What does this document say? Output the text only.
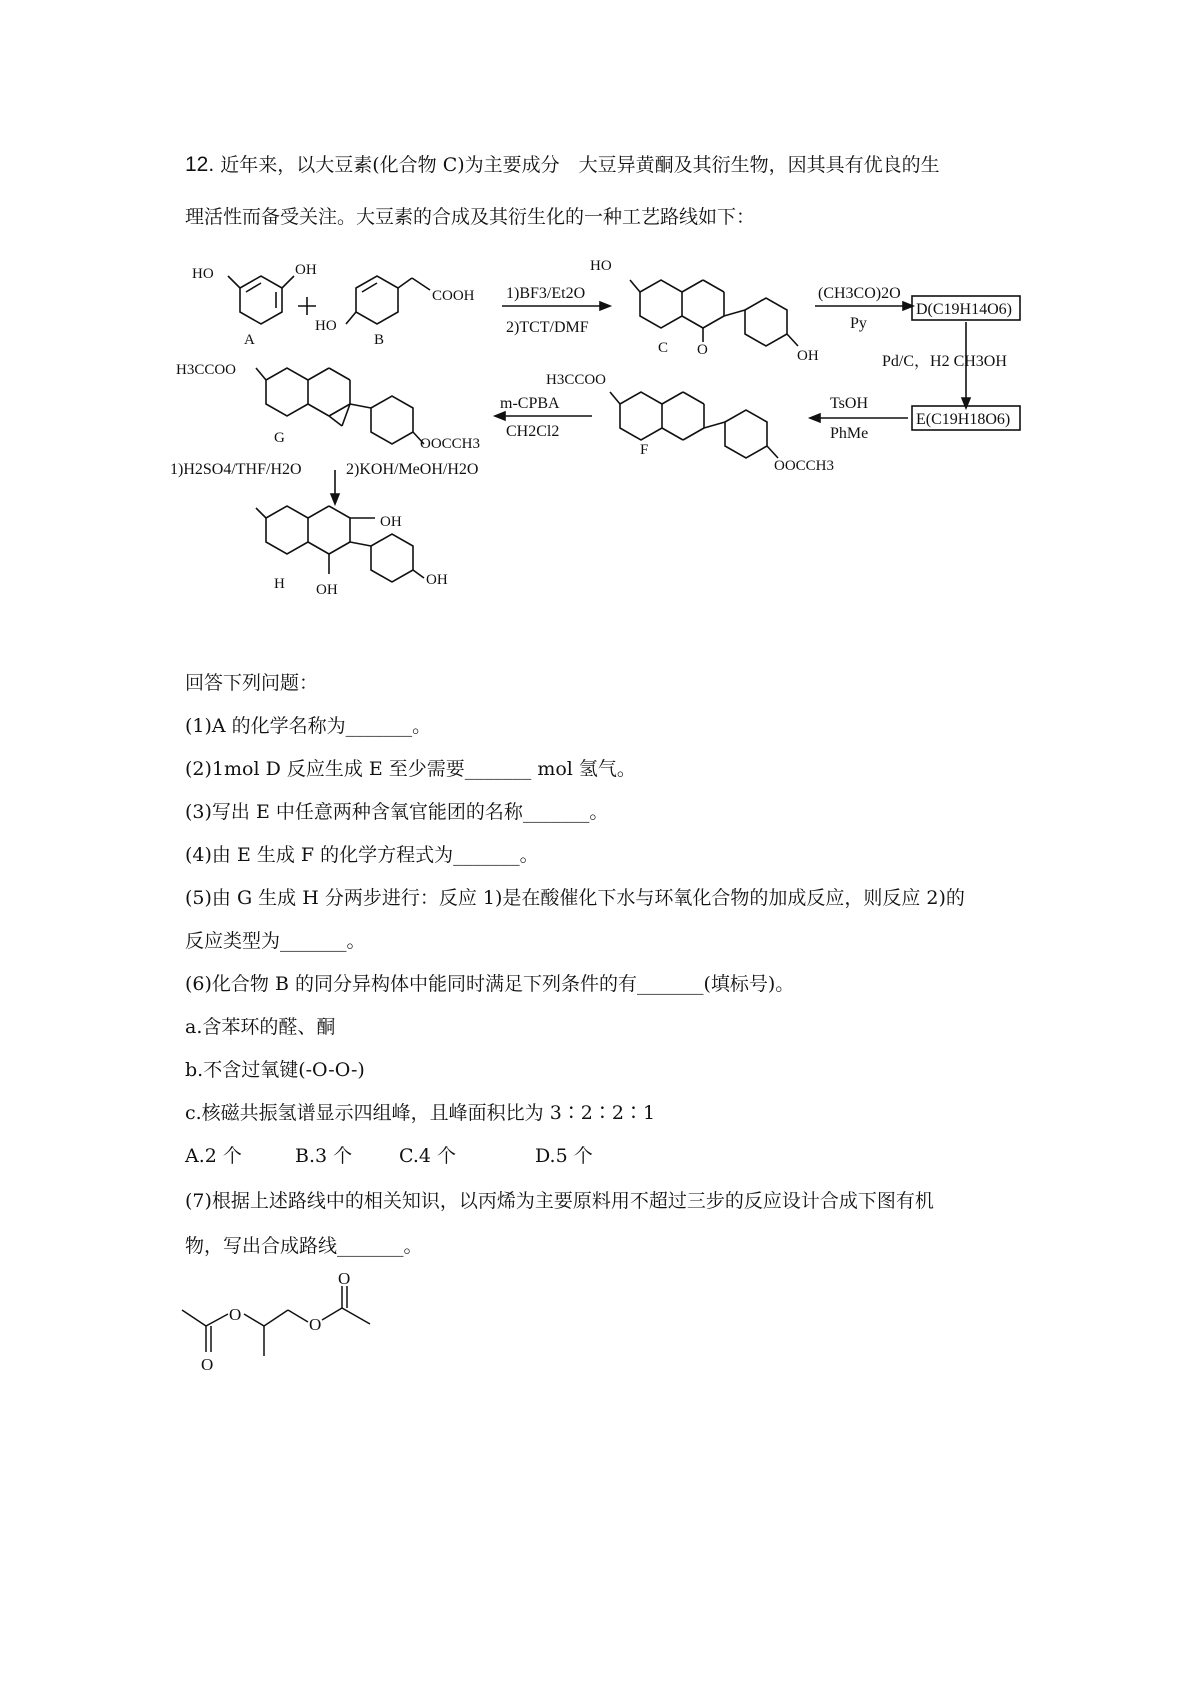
12. 近年来，以大豆素(化合物 C)为主要成分　大豆异黄酮及其衍生物，因其具有优良的生
理活性而备受关注。大豆素的合成及其衍生化的一种工艺路线如下：
HO	OH
A
HO
COOH
B
1)BF3/Et2O
2)TCT/DMF
HO
O
C	OH
(CH3CO)2O
Py
D(C19H14O6)
Pd/C，H2 CH3OH
E(C19H18O6)
TsOH
PhMe
H3CCOO
F
OOCCH3
m-CPBA
CH2Cl2
H3CCOO
G	OOCCH3
1)H2SO4/THF/H2O	2)KOH/MeOH/H2O
OH
OH
OH
H
回答下列问题：
(1)A 的化学名称为_______。
(2)1mol D 反应生成 E 至少需要_______ mol 氢气。
(3)写出 E 中任意两种含氧官能团的名称_______。
(4)由 E 生成 F 的化学方程式为_______。
(5)由 G 生成 H 分两步进行：反应 1)是在酸催化下水与环氧化合物的加成反应，则反应 2)的
反应类型为_______。
(6)化合物 B 的同分异构体中能同时满足下列条件的有_______(填标号)。
a.含苯环的醛、酮
b.不含过氧键(-O-O-)
c.核磁共振氢谱显示四组峰，且峰面积比为 3∶2∶2∶1
A.2 个	B.3 个 C.4 个	D.5 个
(7)根据上述路线中的相关知识，以丙烯为主要原料用不超过三步的反应设计合成下图有机
物，写出合成路线_______。
O
O
O
O
